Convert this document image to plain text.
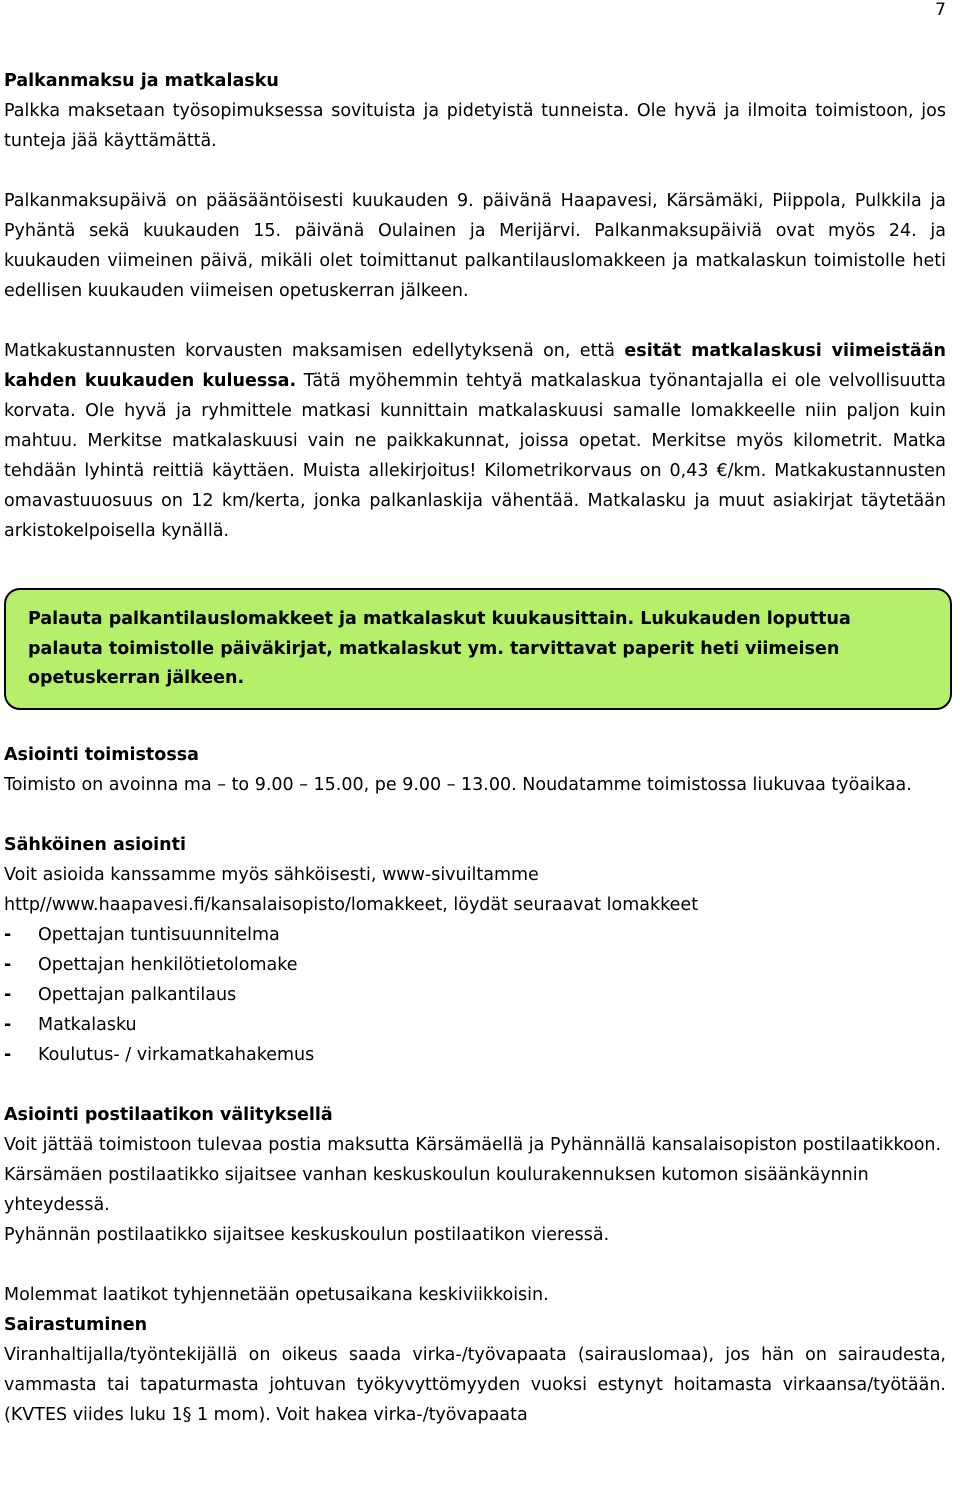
7
Palkanmaksu ja matkalasku

Palkka maksetaan työsopimuksessa sovituista ja pidetyistä tunneista. Ole hyvä ja ilmoita toimistoon, jos tunteja jää käyttämättä.

Palkanmaksupäivä on pääsääntöisesti kuukauden 9. päivänä Haapavesi, Kärsämäki, Piippola, Pulkkila ja Pyhäntä sekä kuukauden 15. päivänä Oulainen ja Merijärvi. Palkanmaksupäiviä ovat myös 24. ja kuukauden viimeinen päivä, mikäli olet toimittanut palkantilauslomakkeen ja matkalaskun toimistolle heti edellisen kuukauden viimeisen opetuskerran jälkeen.

Matkakustannusten korvausten maksamisen edellytyksenä on, että esität matkalaskusi viimeistään kahden kuukauden kuluessa. Tätä myöhemmin tehtyä matkalaskua työnantajalla ei ole velvollisuutta korvata. Ole hyvä ja ryhmittele matkasi kunnittain matkalaskuusi samalle lomakkeelle niin paljon kuin mahtuu. Merkitse matkalaskuusi vain ne paikkakunnat, joissa opetat. Merkitse myös kilometrit. Matka tehdään lyhintä reittiä käyttäen. Muista allekirjoitus! Kilometrikorvaus on 0,43 €/km. Matkakustannusten omavastuuosuus on 12 km/kerta, jonka palkanlaskija vähentää. Matkalasku ja muut asiakirjat täytetään arkistokelpoisella kynällä.

Palauta palkantilauslomakkeet ja matkalaskut kuukausittain. Lukukauden loputtua palauta toimistolle päiväkirjat, matkalaskut ym. tarvittavat paperit heti viimeisen opetuskerran jälkeen.
Asiointi toimistossa

Toimisto on avoinna ma – to 9.00 – 15.00, pe 9.00 – 13.00. Noudatamme toimistossa liukuvaa työaikaa.

Sähköinen asiointi
Voit asioida kanssamme myös sähköisesti, www-sivuiltamme
http//www.haapavesi.fi/kansalaisopisto/lomakkeet, löydät seuraavat lomakkeet
-	Opettajan tuntisuunnitelma
-	Opettajan henkilötietolomake
-	Opettajan palkantilaus
-	Matkalasku
-	Koulutus- / virkamatkahakemus
Asiointi postilaatikon välityksellä

Voit jättää toimistoon tulevaa postia maksutta Kärsämäellä ja Pyhännällä kansalaisopiston postilaatikkoon.

Kärsämäen postilaatikko sijaitsee vanhan keskuskoulun koulurakennuksen kutomon sisäänkäynnin yhteydessä.

Pyhännän postilaatikko sijaitsee keskuskoulun postilaatikon vieressä.

Molemmat laatikot tyhjennetään opetusaikana keskiviikkoisin.

Sairastuminen

Viranhaltijalla/työntekijällä on oikeus saada virka-/työvapaata (sairauslomaa), jos hän on sairaudesta, vammasta tai tapaturmasta johtuvan työkyvyttömyyden vuoksi estynyt hoitamasta virkaansa/työtään. (KVTES viides luku 1§ 1 mom). Voit hakea virka-/työvapaata
